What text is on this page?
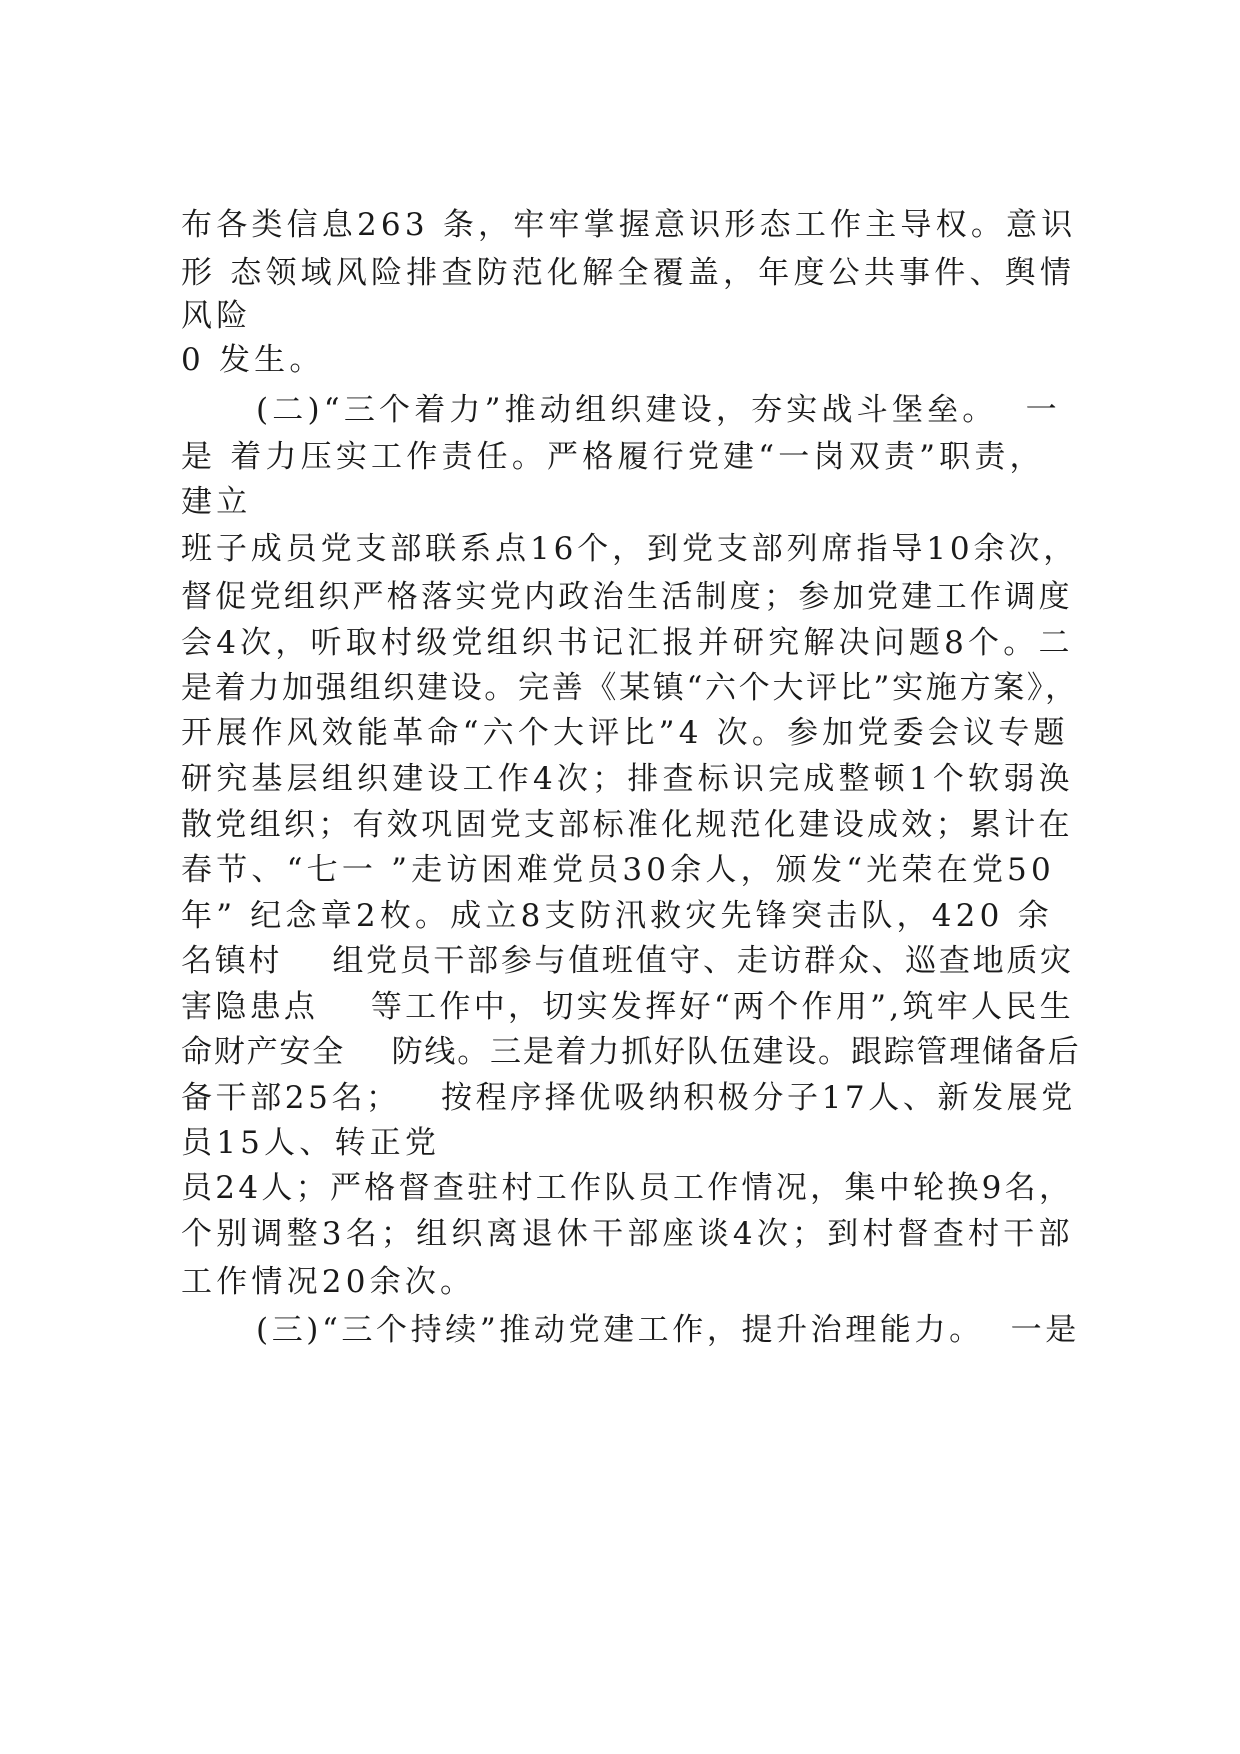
布各类信息263 条，牢牢掌握意识形态工作主导权。意识
形 态领域风险排查防范化解全覆盖，年度公共事件、舆情
风险
0 发生。
(二)“三个着力”推动组织建设，夯实战斗堡垒。  一
是 着力压实工作责任。严格履行党建“一岗双责”职责，
建立
班子成员党支部联系点16个，到党支部列席指导10余次，
督促党组织严格落实党内政治生活制度；参加党建工作调度
会4次，听取村级党组织书记汇报并研究解决问题8个。二
是着力加强组织建设。完善《某镇“六个大评比”实施方案》，
开展作风效能革命“六个大评比”4 次。参加党委会议专题
研究基层组织建设工作4次；排查标识完成整顿1个软弱涣
散党组织；有效巩固党支部标准化规范化建设成效；累计在
春节、“七一 ”走访困难党员30余人，颁发“光荣在党50
年” 纪念章2枚。成立8支防汛救灾先锋突击队，420 余
名镇村    组党员干部参与值班值守、走访群众、巡查地质灾
害隐患点    等工作中，切实发挥好“两个作用”,筑牢人民生
命财产安全    防线。三是着力抓好队伍建设。跟踪管理储备后
备干部25名；   按程序择优吸纳积极分子17人、新发展党
员15人、转正党
员24人；严格督查驻村工作队员工作情况，集中轮换9名，
个别调整3名；组织离退休干部座谈4次；到村督查村干部
工作情况20余次。
(三)“三个持续”推动党建工作，提升治理能力。  一是
